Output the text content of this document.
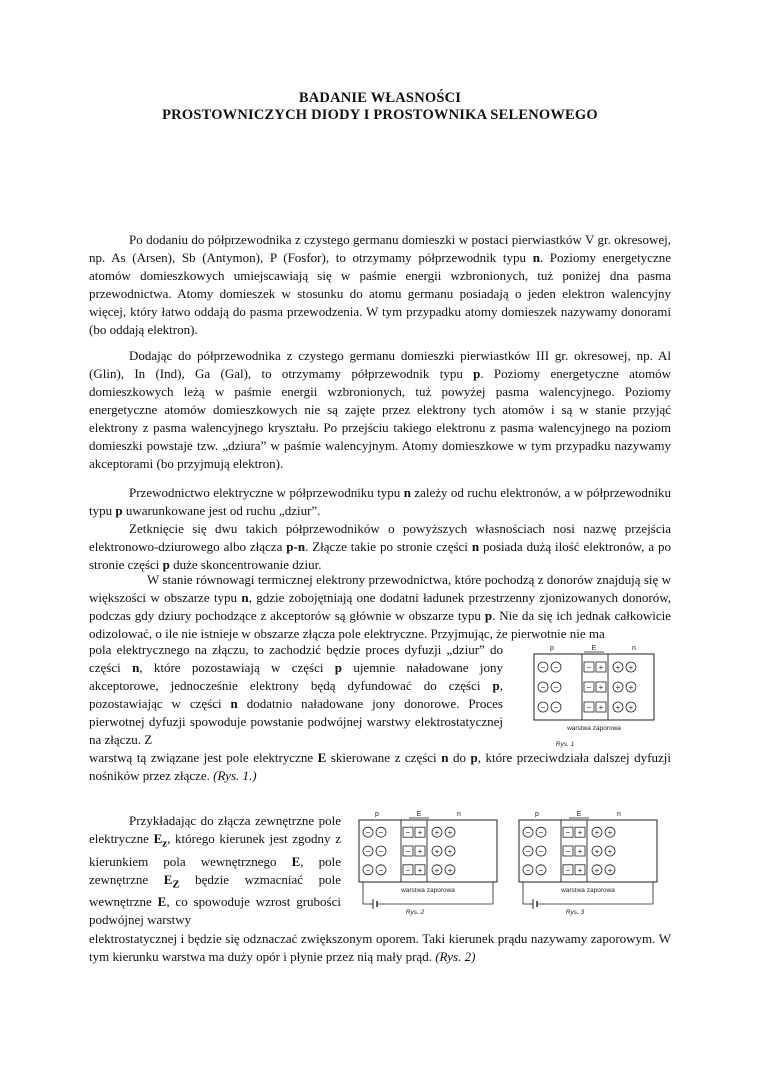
BADANIE WŁASNOŚCI
PROSTOWNICZYCH DIODY I PROSTOWNIKA SELENOWEGO

Po dodaniu do półprzewodnika z czystego germanu domieszki w postaci pierwiastków V gr. okresowej, np. As (Arsen), Sb (Antymon), P (Fosfor), to otrzymamy półprzewodnik typu n. Poziomy energetyczne atomów domieszkowych umiejscawiają się w paśmie energii wzbronionych, tuż poniżej dna pasma przewodnictwa. Atomy domieszek w stosunku do atomu germanu posiadają o jeden elektron walencyjny więcej, który łatwo oddają do pasma przewodzenia. W tym przypadku atomy domieszek nazywamy donorami (bo oddają elektron).

Dodając do półprzewodnika z czystego germanu domieszki pierwiastków III gr. okresowej, np. Al (Glin), In (Ind), Ga (Gal), to otrzymamy półprzewodnik typu p. Poziomy energetyczne atomów domieszkowych leżą w paśmie energii wzbronionych, tuż powyżej pasma walencyjnego. Poziomy energetyczne atomów domieszkowych nie są zajęte przez elektrony tych atomów i są w stanie przyjąć elektrony z pasma walencyjnego kryształu. Po przejściu takiego elektronu z pasma walencyjnego na poziom domieszki powstaje tzw. „dziura” w paśmie walencyjnym. Atomy domieszkowe w tym przypadku nazywamy akceptorami (bo przyjmują elektron).

Przewodnictwo elektryczne w półprzewodniku typu n zależy od ruchu elektronów, a w półprzewodniku typu p uwarunkowane jest od ruchu „dziur”.

Zetknięcie się dwu takich półprzewodników o powyższych własnościach nosi nazwę przejścia elektronowo-dziurowego albo złącza p-n. Złącze takie po stronie części n posiada dużą ilość elektronów, a po stronie części p duże skoncentrowanie dziur.

W stanie równowagi termicznej elektrony przewodnictwa, które pochodzą z donorów znajdują się w większości w obszarze typu n, gdzie zobojętniają one dodatni ładunek przestrzenny zjonizowanych donorów, podczas gdy dziury pochodzące z akceptorów są głównie w obszarze typu p. Nie da się ich jednak całkowicie odizolować, o ile nie istnieje w obszarze złącza pole elektryczne. Przyjmując, że pierwotnie nie ma

pola elektrycznego na złączu, to zachodzić będzie proces dyfuzji „dziur” do części n, które pozostawiają w części p ujemnie naładowane jony akceptorowe, jednocześnie elektrony będą dyfundować do części p, pozostawiając w części n dodatnio naładowane jony donorowe. Proces pierwotnej dyfuzji spowoduje powstanie podwójnej warstwy elektrostatycznej na złączu. Z

warstwą tą związane jest pole elektryczne E skierowane z części n do p, które przeciwdziała dalszej dyfuzji nośników przez złącze. (Rys. 1.)

Przykładając do złącza zewnętrzne pole elektryczne $E_z$, którego kierunek jest zgodny z kierunkiem pola wewnętrznego E, pole zewnętrzne $E_Z$ będzie wzmacniać pole wewnętrzne E, co spowoduje wzrost grubości podwójnej warstwy

elektrostatycznej i będzie się odznaczać zwiększonym oporem. Taki kierunek prądu nazywamy zaporowym. W tym kierunku warstwa ma duży opór i płynie przez nią mały prąd. (Rys. 2)

p	E	n
− −	− + + +
− −	− + + +
− −	− + + +
warstwa zaporowa
Rys. 1
p	E	n
− −	− + + +
− −	− + + +
− −	− + + +
warstwa zaporowa
Rys. 2
p	E	n
− −	− + + +
− −	− + + +
− −	− + + +
warstwa zaporowa
Rys. 3
